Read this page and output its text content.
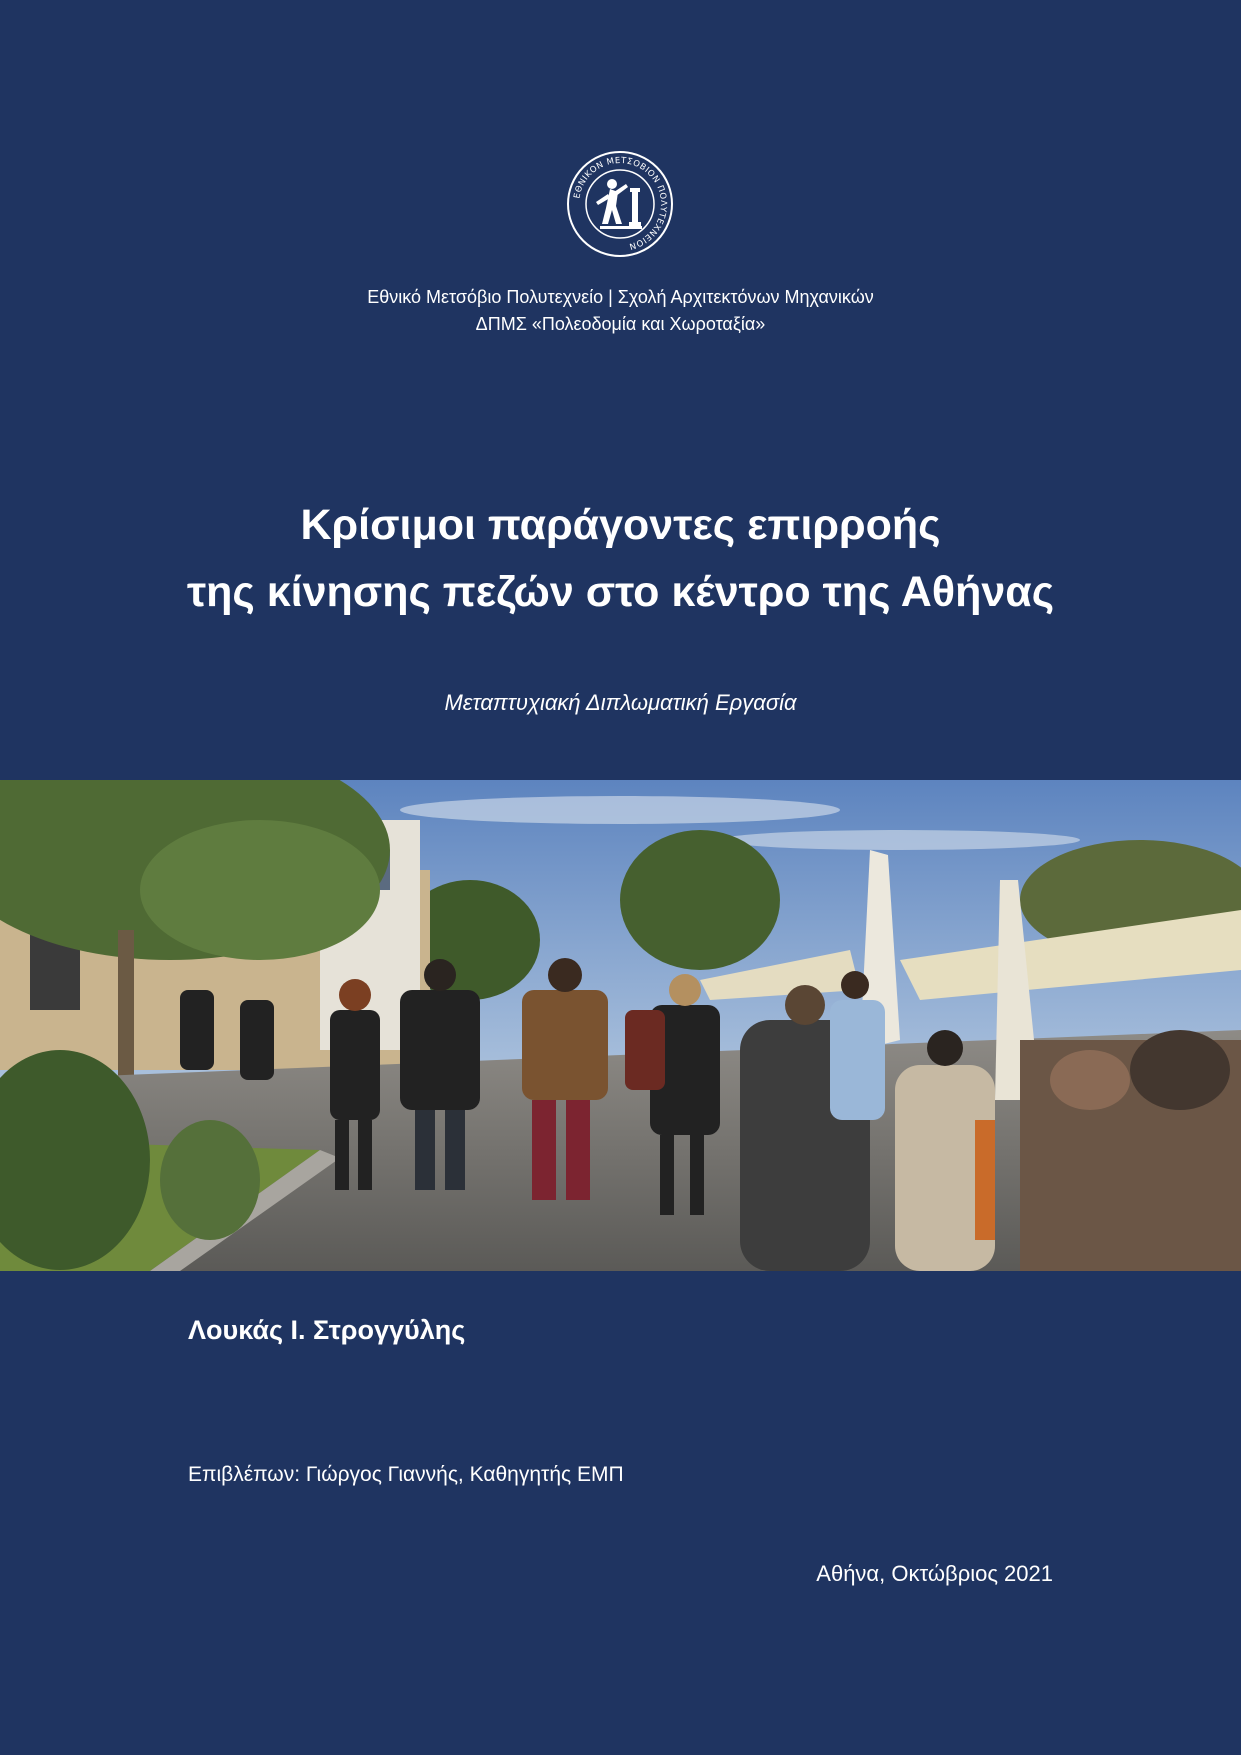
ΕΘΝΙΚΟΝ ΜΕΤΣΟΒΙΟΝ ΠΟΛΥΤΕΧΝΕΙΟΝ
Εθνικό Μετσόβιο Πολυτεχνείο | Σχολή Αρχιτεκτόνων Μηχανικών
ΔΠΜΣ «Πολεοδομία και Χωροταξία»
Κρίσιμοι παράγοντες επιρροής
της κίνησης πεζών στο κέντρο της Αθήνας
Μεταπτυχιακή Διπλωματική Εργασία
Λουκάς Ι. Στρογγύλης
Επιβλέπων: Γιώργος Γιαννής, Καθηγητής ΕΜΠ
Αθήνα, Οκτώβριος 2021
